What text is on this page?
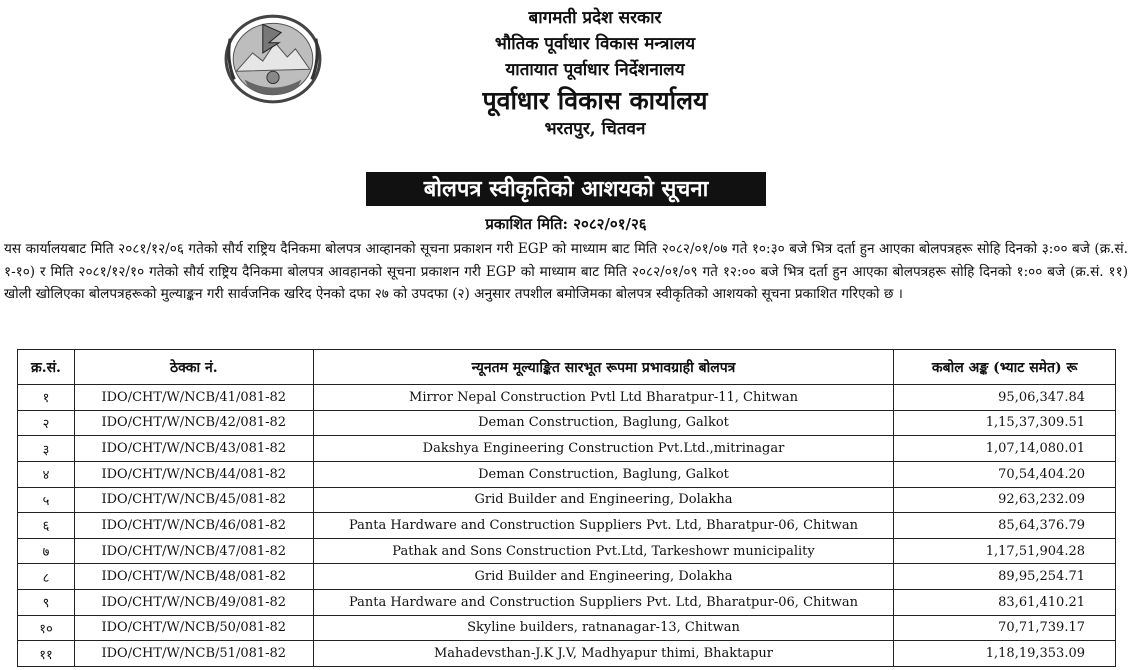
बागमती प्रदेश सरकार
भौतिक पूर्वाधार विकास मन्त्रालय
यातायात पूर्वाधार निर्देशनालय
पूर्वाधार विकास कार्यालय
भरतपुर, चितवन
बोलपत्र स्वीकृतिको आशयको सूचना
प्रकाशित मिति: २०८२/०१/२६
यस कार्यालयबाट मिति २०८१/१२/०६ गतेको सौर्य राष्ट्रिय दैनिकमा बोलपत्र आव्हानको सूचना प्रकाशन गरी EGP को माध्याम बाट मिति २०८२/०१/०७ गते १०:३० बजे भित्र दर्ता हुन आएका बोलपत्रहरू सोहि दिनको ३:०० बजे (क्र.सं. १-१०) र मिति २०८१/१२/१० गतेको सौर्य राष्ट्रिय दैनिकमा बोलपत्र आवहानको सूचना प्रकाशन गरी EGP को माध्याम बाट मिति २०८२/०१/०९ गते १२:०० बजे भित्र दर्ता हुन आएका बोलपत्रहरू सोहि दिनको १:०० बजे (क्र.सं. ११) खोली खोलिएका बोलपत्रहरूको मुल्याङ्कन गरी सार्वजनिक खरिद ऐनको दफा २७ को उपदफा (२) अनुसार तपशील बमोजिमका बोलपत्र स्वीकृतिको आशयको सूचना प्रकाशित गरिएको छ ।
क्र.सं.	ठेक्का नं.	न्यूनतम मूल्याङ्कित सारभूत रूपमा प्रभावग्राही बोलपत्र	कबोल अङ्क (भ्याट समेत) रू
१	IDO/CHT/W/NCB/41/081-82	Mirror Nepal Construction Pvtl Ltd Bharatpur-11, Chitwan	95,06,347.84
२	IDO/CHT/W/NCB/42/081-82	Deman Construction, Baglung, Galkot	1,15,37,309.51
३	IDO/CHT/W/NCB/43/081-82	Dakshya Engineering Construction Pvt.Ltd.,mitrinagar	1,07,14,080.01
४	IDO/CHT/W/NCB/44/081-82	Deman Construction, Baglung, Galkot	70,54,404.20
५	IDO/CHT/W/NCB/45/081-82	Grid Builder and Engineering, Dolakha	92,63,232.09
६	IDO/CHT/W/NCB/46/081-82	Panta Hardware and Construction Suppliers Pvt. Ltd, Bharatpur-06, Chitwan	85,64,376.79
७	IDO/CHT/W/NCB/47/081-82	Pathak and Sons Construction Pvt.Ltd, Tarkeshowr municipality	1,17,51,904.28
८	IDO/CHT/W/NCB/48/081-82	Grid Builder and Engineering, Dolakha	89,95,254.71
९	IDO/CHT/W/NCB/49/081-82	Panta Hardware and Construction Suppliers Pvt. Ltd, Bharatpur-06, Chitwan	83,61,410.21
१०	IDO/CHT/W/NCB/50/081-82	Skyline builders, ratnanagar-13, Chitwan	70,71,739.17
११	IDO/CHT/W/NCB/51/081-82	Mahadevsthan-J.K J.V, Madhyapur thimi, Bhaktapur	1,18,19,353.09
